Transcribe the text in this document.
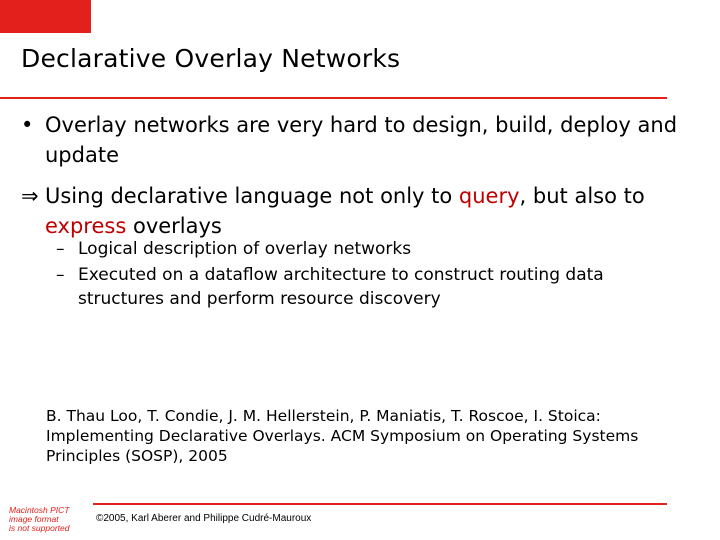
Declarative Overlay Networks
• Overlay networks are very hard to design, build, deploy and update
⇒ Using declarative language not only to query, but also to express overlays
– Logical description of overlay networks
– Executed on a dataflow architecture to construct routing data structures and perform resource discovery
B. Thau Loo, T. Condie, J. M. Hellerstein, P. Maniatis, T. Roscoe, I. Stoica: Implementing Declarative Overlays. ACM Symposium on Operating Systems Principles (SOSP), 2005
Macintosh PICT
image format
is not supported
©2005, Karl Aberer and Philippe Cudré-Mauroux
